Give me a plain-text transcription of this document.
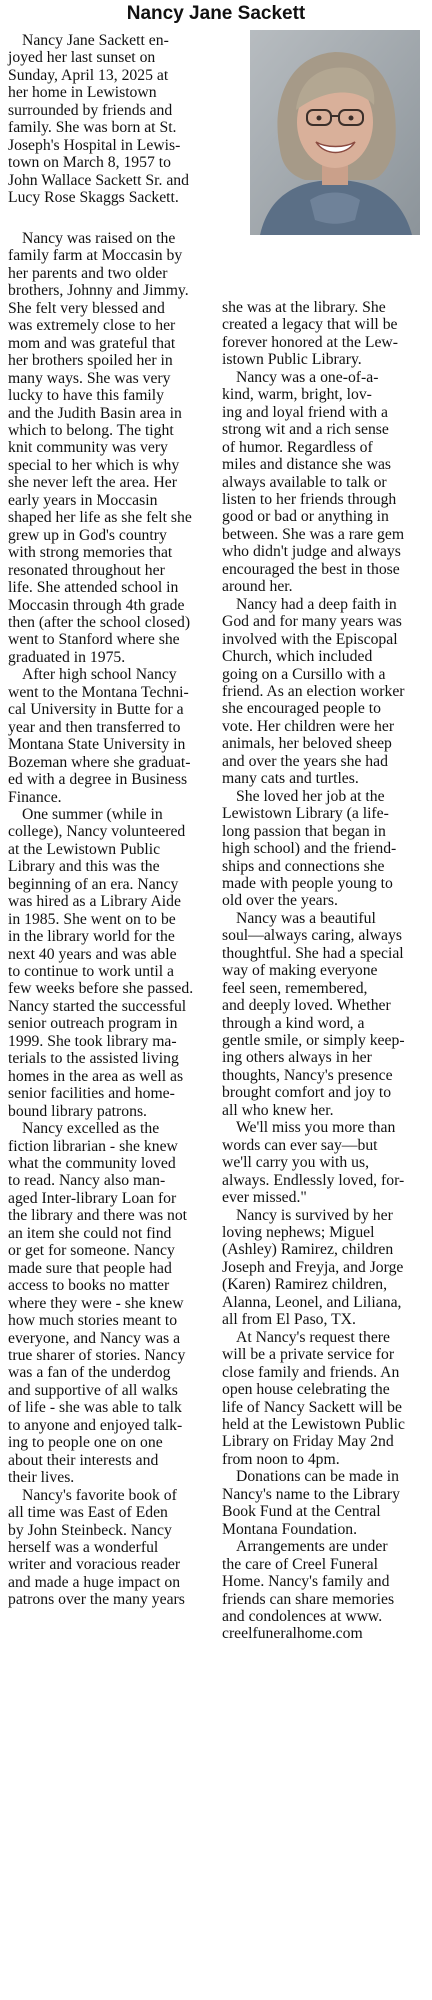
Nancy Jane Sackett

Nancy Jane Sackett en-
joyed her last sunset on
Sunday, April 13, 2025 at
her home in Lewistown
surrounded by friends and
family. She was born at St.
Joseph's Hospital in Lewis-
town on March 8, 1957 to
John Wallace Sackett Sr. and
Lucy Rose Skaggs Sackett.

Nancy was raised on the
family farm at Moccasin by
her parents and two older
brothers, Johnny and Jimmy.
She felt very blessed and
was extremely close to her
mom and was grateful that
her brothers spoiled her in
many ways. She was very
lucky to have this family
and the Judith Basin area in
which to belong. The tight
knit community was very
special to her which is why
she never left the area. Her
early years in Moccasin
shaped her life as she felt she
grew up in God's country
with strong memories that
resonated throughout her
life. She attended school in
Moccasin through 4th grade
then (after the school closed)
went to Stanford where she
graduated in 1975.

After high school Nancy
went to the Montana Techni-
cal University in Butte for a
year and then transferred to
Montana State University in
Bozeman where she graduat-
ed with a degree in Business
Finance.

One summer (while in
college), Nancy volunteered
at the Lewistown Public
Library and this was the
beginning of an era. Nancy
was hired as a Library Aide
in 1985. She went on to be
in the library world for the
next 40 years and was able
to continue to work until a
few weeks before she passed.
Nancy started the successful
senior outreach program in
1999. She took library ma-
terials to the assisted living
homes in the area as well as
senior facilities and home-
bound library patrons.

Nancy excelled as the
fiction librarian - she knew
what the community loved
to read. Nancy also man-
aged Inter-library Loan for
the library and there was not
an item she could not find
or get for someone. Nancy
made sure that people had
access to books no matter
where they were - she knew
how much stories meant to
everyone, and Nancy was a
true sharer of stories. Nancy
was a fan of the underdog
and supportive of all walks
of life - she was able to talk
to anyone and enjoyed talk-
ing to people one on one
about their interests and
their lives.

Nancy's favorite book of
all time was East of Eden
by John Steinbeck. Nancy
herself was a wonderful
writer and voracious reader
and made a huge impact on
patrons over the many years

she was at the library. She
created a legacy that will be
forever honored at the Lew-
istown Public Library.

Nancy was a one-of-a-
kind, warm, bright, lov-
ing and loyal friend with a
strong wit and a rich sense
of humor. Regardless of
miles and distance she was
always available to talk or
listen to her friends through
good or bad or anything in
between. She was a rare gem
who didn't judge and always
encouraged the best in those
around her.

Nancy had a deep faith in
God and for many years was
involved with the Episcopal
Church, which included
going on a Cursillo with a
friend. As an election worker
she encouraged people to
vote. Her children were her
animals, her beloved sheep
and over the years she had
many cats and turtles.

She loved her job at the
Lewistown Library (a life-
long passion that began in
high school) and the friend-
ships and connections she
made with people young to
old over the years.

Nancy was a beautiful
soul—always caring, always
thoughtful. She had a special
way of making everyone
feel seen, remembered,
and deeply loved. Whether
through a kind word, a
gentle smile, or simply keep-
ing others always in her
thoughts, Nancy's presence
brought comfort and joy to
all who knew her.

We'll miss you more than
words can ever say—but
we'll carry you with us,
always. Endlessly loved, for-
ever missed."

Nancy is survived by her
loving nephews; Miguel
(Ashley) Ramirez, children
Joseph and Freyja, and Jorge
(Karen) Ramirez children,
Alanna, Leonel, and Liliana,
all from El Paso, TX.

At Nancy's request there
will be a private service for
close family and friends. An
open house celebrating the
life of Nancy Sackett will be
held at the Lewistown Public
Library on Friday May 2nd
from noon to 4pm.

Donations can be made in
Nancy's name to the Library
Book Fund at the Central
Montana Foundation.

Arrangements are under
the care of Creel Funeral
Home. Nancy's family and
friends can share memories
and condolences at www.
creelfuneralhome.com
